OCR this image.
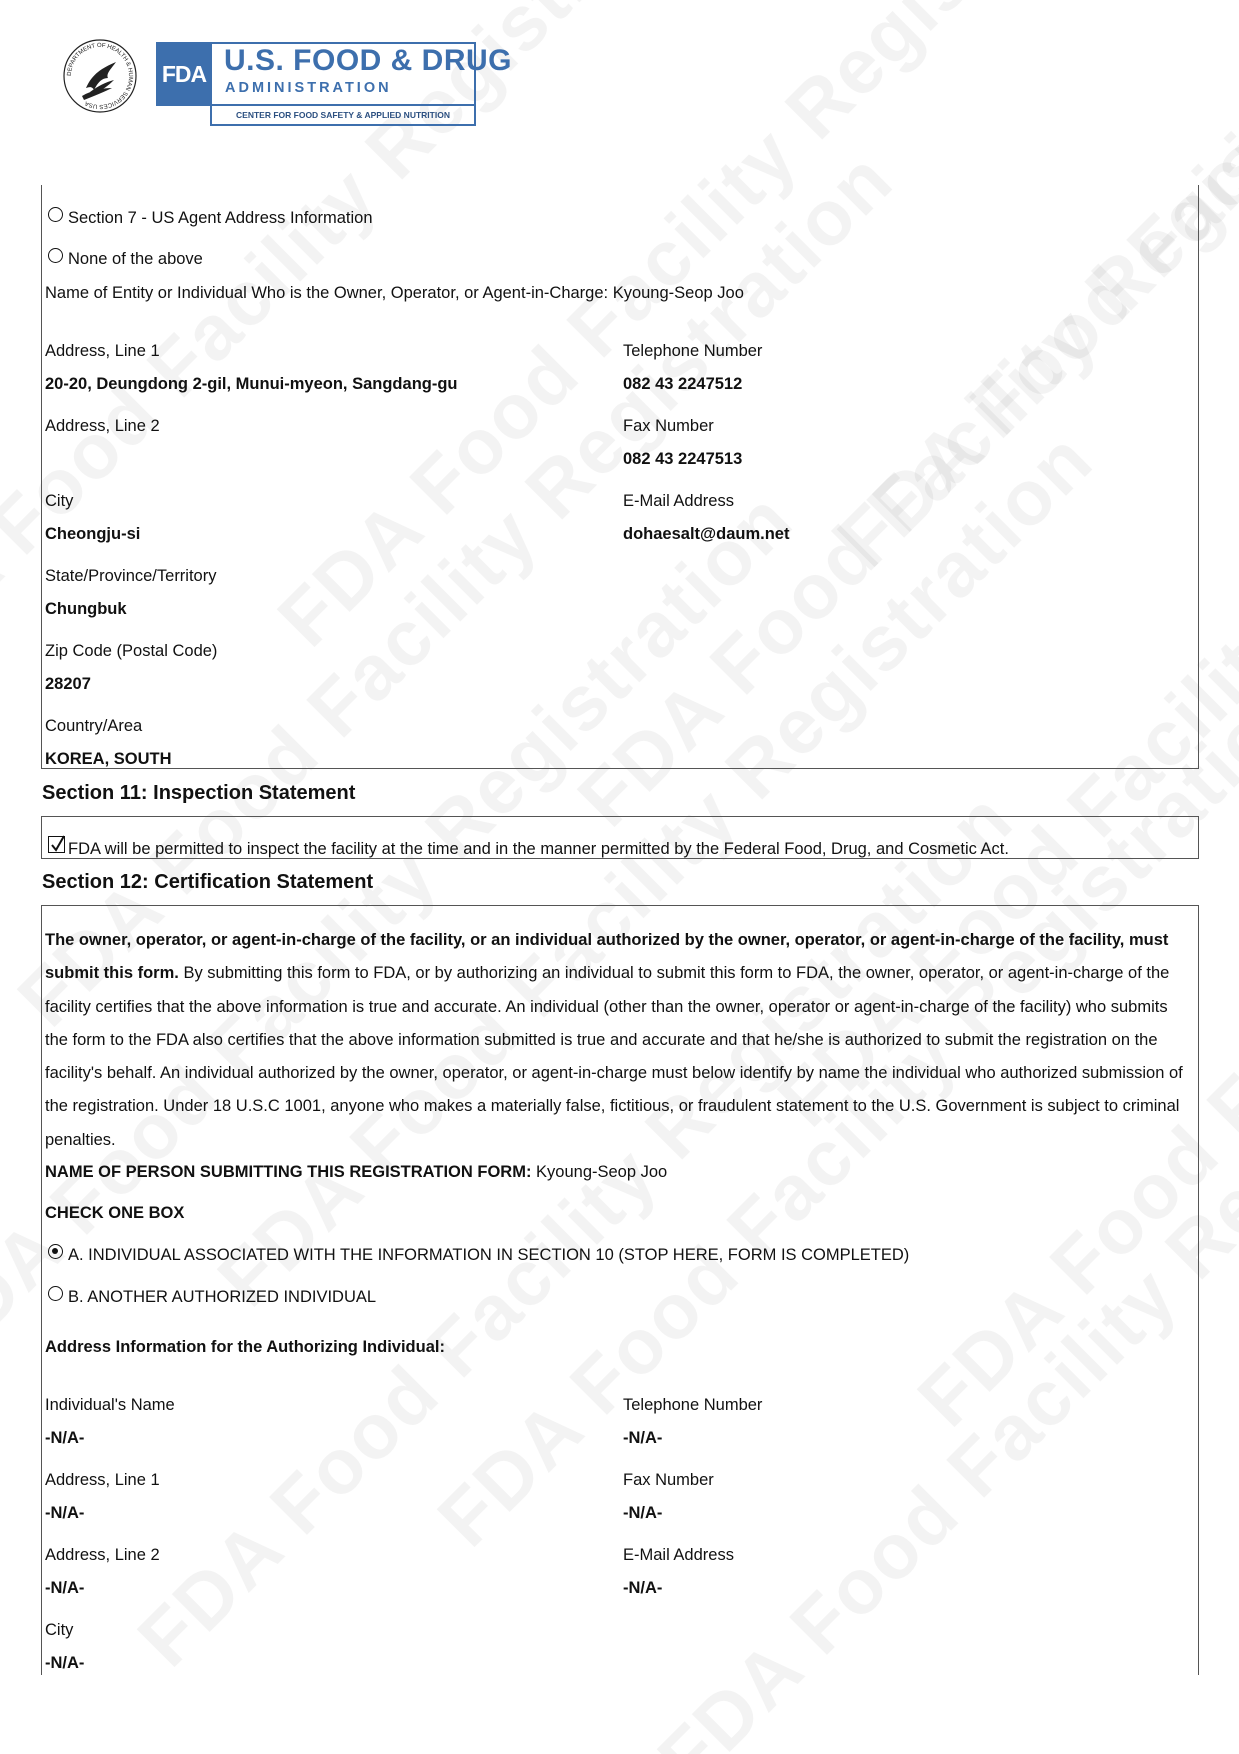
DEPARTMENT OF HEALTH & HUMAN SERVICES USA
FDA U.S. FOOD & DRUG
ADMINISTRATION
CENTER FOR FOOD SAFETY & APPLIED NUTRITION
Section 7 - US Agent Address Information
None of the above
Name of Entity or Individual Who is the Owner, Operator, or Agent-in-Charge: Kyoung-Seop Joo
Address, Line 1
20-20, Deungdong 2-gil, Munui-myeon, Sangdang-gu
Address, Line 2
City
Cheongju-si
State/Province/Territory
Chungbuk
Zip Code (Postal Code)
28207
Country/Area
KOREA, SOUTH
Telephone Number
082 43 2247512
Fax Number
082 43 2247513
E-Mail Address
dohaesalt@daum.net
Section 11: Inspection Statement
FDA will be permitted to inspect the facility at the time and in the manner permitted by the Federal Food, Drug, and Cosmetic Act.
Section 12: Certification Statement
The owner, operator, or agent-in-charge of the facility, or an individual authorized by the owner, operator, or agent-in-charge of the facility, must submit this form. By submitting this form to FDA, or by authorizing an individual to submit this form to FDA, the owner, operator, or agent-in-charge of the facility certifies that the above information is true and accurate. An individual (other than the owner, operator or agent-in-charge of the facility) who submits the form to the FDA also certifies that the above information submitted is true and accurate and that he/she is authorized to submit the registration on the facility's behalf. An individual authorized by the owner, operator, or agent-in-charge must below identify by name the individual who authorized submission of the registration. Under 18 U.S.C 1001, anyone who makes a materially false, fictitious, or fraudulent statement to the U.S. Government is subject to criminal penalties.
NAME OF PERSON SUBMITTING THIS REGISTRATION FORM: Kyoung-Seop Joo
CHECK ONE BOX
A. INDIVIDUAL ASSOCIATED WITH THE INFORMATION IN SECTION 10 (STOP HERE, FORM IS COMPLETED)
B. ANOTHER AUTHORIZED INDIVIDUAL
Address Information for the Authorizing Individual:
Individual's Name
-N/A-
Address, Line 1
-N/A-
Address, Line 2
-N/A-
City
-N/A-
Telephone Number
-N/A-
Fax Number
-N/A-
E-Mail Address
-N/A-
